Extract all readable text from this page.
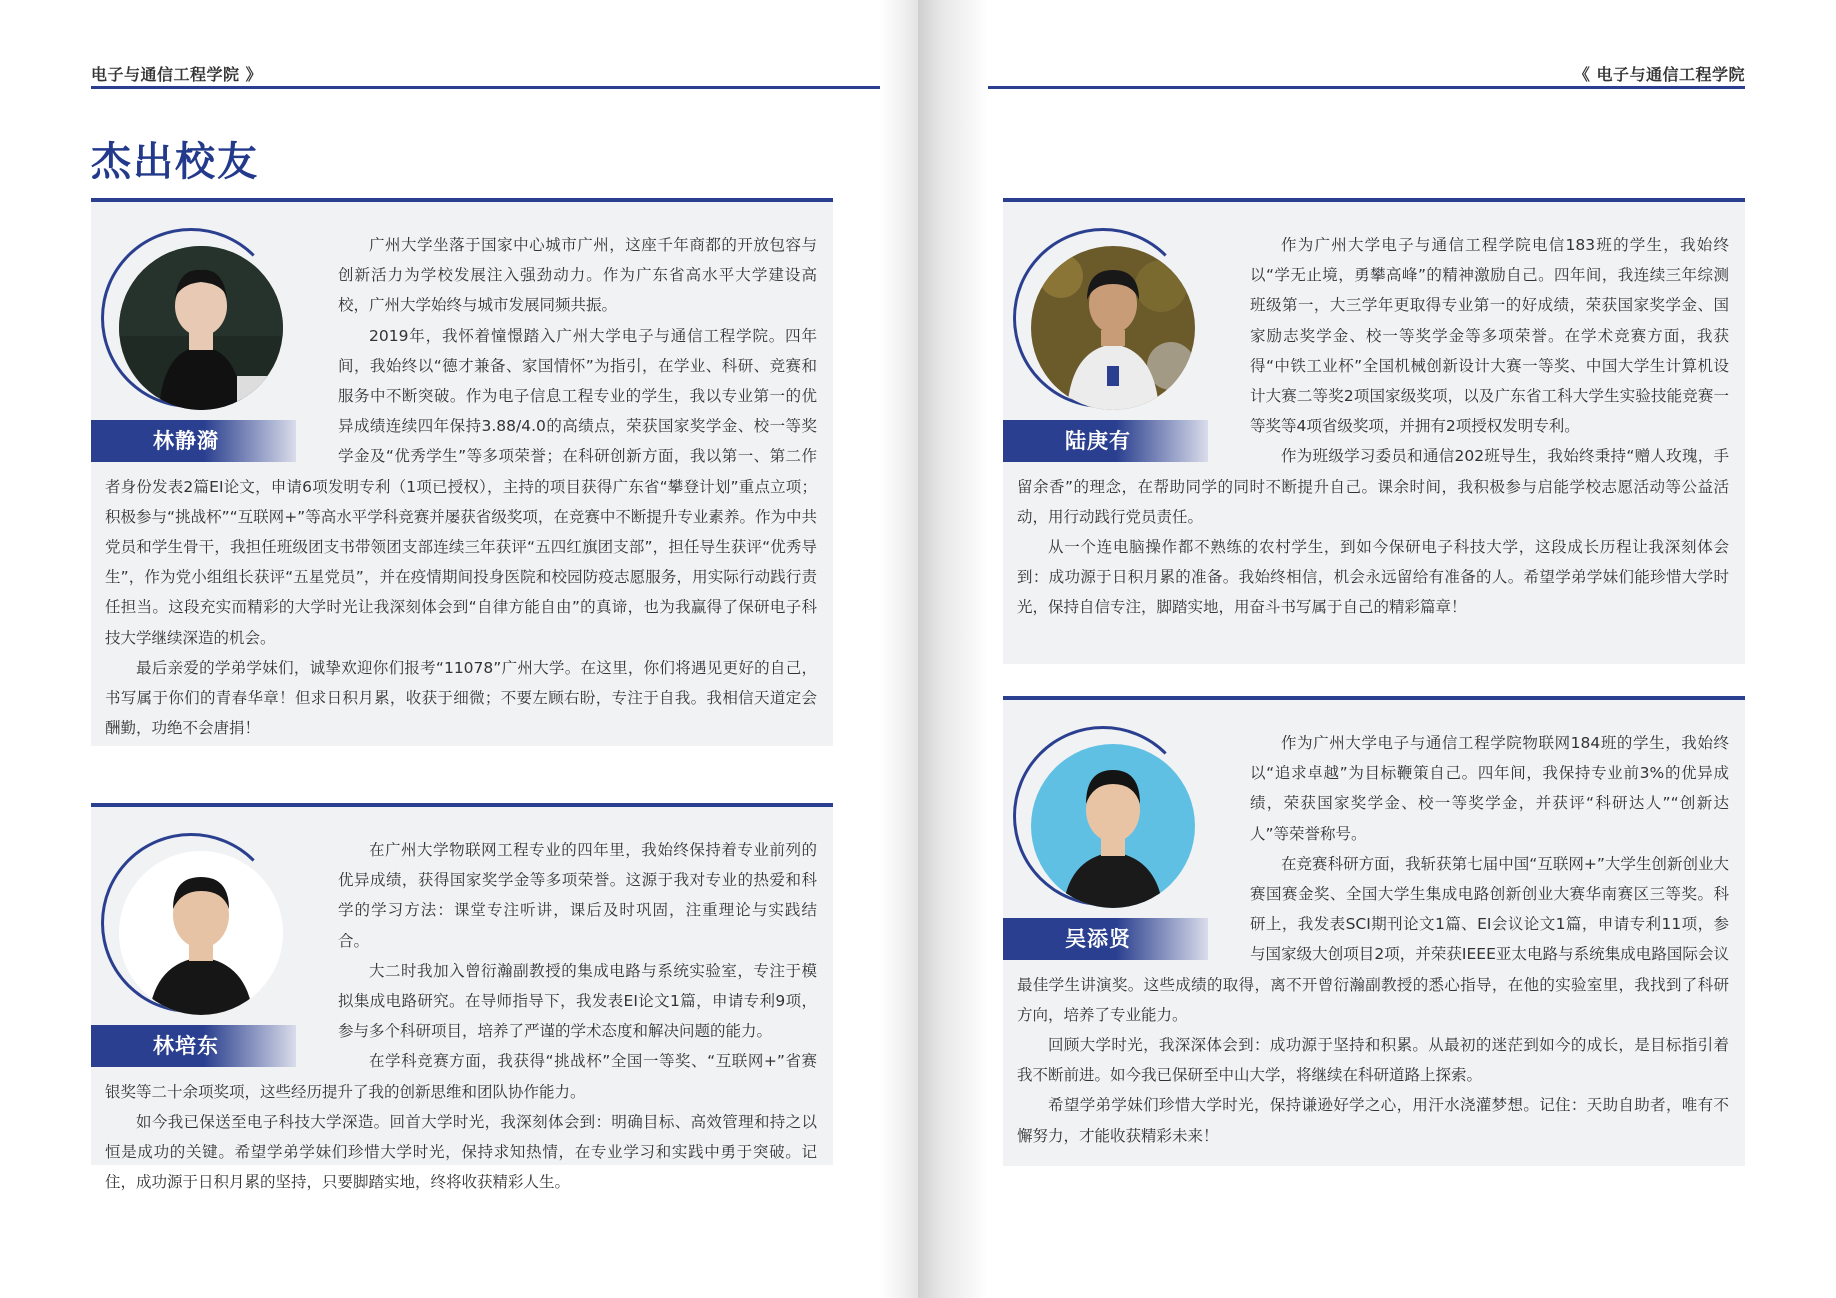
电子与通信工程学院 》
杰出校友
林静漪

广州大学坐落于国家中心城市广州，这座千年商都的开放包容与创新活力为学校发展注入强劲动力。作为广东省高水平大学建设高校，广州大学始终与城市发展同频共振。

2019年，我怀着憧憬踏入广州大学电子与通信工程学院。四年间，我始终以“德才兼备、家国情怀”为指引，在学业、科研、竞赛和服务中不断突破。作为电子信息工程专业的学生，我以专业第一的优异成绩连续四年保持3.88/4.0的高绩点，荣获国家奖学金、校一等奖学金及“优秀学生”等多项荣誉；在科研创新方面，我以第一、第二作者身份发表2篇EI论文，申请6项发明专利（1项已授权），主持的项目获得广东省“攀登计划”重点立项；积极参与“挑战杯”“互联网+”等高水平学科竞赛并屡获省级奖项，在竞赛中不断提升专业素养。作为中共党员和学生骨干，我担任班级团支书带领团支部连续三年获评“五四红旗团支部”，担任导生获评“优秀导生”，作为党小组组长获评“五星党员”，并在疫情期间投身医院和校园防疫志愿服务，用实际行动践行责任担当。这段充实而精彩的大学时光让我深刻体会到“自律方能自由”的真谛，也为我赢得了保研电子科技大学继续深造的机会。

最后亲爱的学弟学妹们，诚挚欢迎你们报考“11078”广州大学。在这里，你们将遇见更好的自己，书写属于你们的青春华章！但求日积月累，收获于细微；不要左顾右盼，专注于自我。我相信天道定会酬勤，功绝不会唐捐！

林培东

在广州大学物联网工程专业的四年里，我始终保持着专业前列的优异成绩，获得国家奖学金等多项荣誉。这源于我对专业的热爱和科学的学习方法：课堂专注听讲，课后及时巩固，注重理论与实践结合。

大二时我加入曾衍瀚副教授的集成电路与系统实验室，专注于模拟集成电路研究。在导师指导下，我发表EI论文1篇，申请专利9项，参与多个科研项目，培养了严谨的学术态度和解决问题的能力。

在学科竞赛方面，我获得“挑战杯”全国一等奖、“互联网+”省赛银奖等二十余项奖项，这些经历提升了我的创新思维和团队协作能力。

如今我已保送至电子科技大学深造。回首大学时光，我深刻体会到：明确目标、高效管理和持之以恒是成功的关键。希望学弟学妹们珍惜大学时光，保持求知热情，在专业学习和实践中勇于突破。记住，成功源于日积月累的坚持，只要脚踏实地，终将收获精彩人生。

《 电子与通信工程学院
陆庚有

作为广州大学电子与通信工程学院电信183班的学生，我始终以“学无止境，勇攀高峰”的精神激励自己。四年间，我连续三年综测班级第一，大三学年更取得专业第一的好成绩，荣获国家奖学金、国家励志奖学金、校一等奖学金等多项荣誉。在学术竞赛方面，我获得“中铁工业杯”全国机械创新设计大赛一等奖、中国大学生计算机设计大赛二等奖2项国家级奖项，以及广东省工科大学生实验技能竞赛一等奖等4项省级奖项，并拥有2项授权发明专利。

作为班级学习委员和通信202班导生，我始终秉持“赠人玫瑰，手留余香”的理念，在帮助同学的同时不断提升自己。课余时间，我积极参与启能学校志愿活动等公益活动，用行动践行党员责任。

从一个连电脑操作都不熟练的农村学生，到如今保研电子科技大学，这段成长历程让我深刻体会到：成功源于日积月累的准备。我始终相信，机会永远留给有准备的人。希望学弟学妹们能珍惜大学时光，保持自信专注，脚踏实地，用奋斗书写属于自己的精彩篇章！

吴添贤

作为广州大学电子与通信工程学院物联网184班的学生，我始终以“追求卓越”为目标鞭策自己。四年间，我保持专业前3%的优异成绩，荣获国家奖学金、校一等奖学金，并获评“科研达人”“创新达人”等荣誉称号。

在竞赛科研方面，我斩获第七届中国“互联网+”大学生创新创业大赛国赛金奖、全国大学生集成电路创新创业大赛华南赛区三等奖。科研上，我发表SCI期刊论文1篇、EI会议论文1篇，申请专利11项，参与国家级大创项目2项，并荣获IEEE亚太电路与系统集成电路国际会议最佳学生讲演奖。这些成绩的取得，离不开曾衍瀚副教授的悉心指导，在他的实验室里，我找到了科研方向，培养了专业能力。

回顾大学时光，我深深体会到：成功源于坚持和积累。从最初的迷茫到如今的成长，是目标指引着我不断前进。如今我已保研至中山大学，将继续在科研道路上探索。

希望学弟学妹们珍惜大学时光，保持谦逊好学之心，用汗水浇灌梦想。记住：天助自助者，唯有不懈努力，才能收获精彩未来！
